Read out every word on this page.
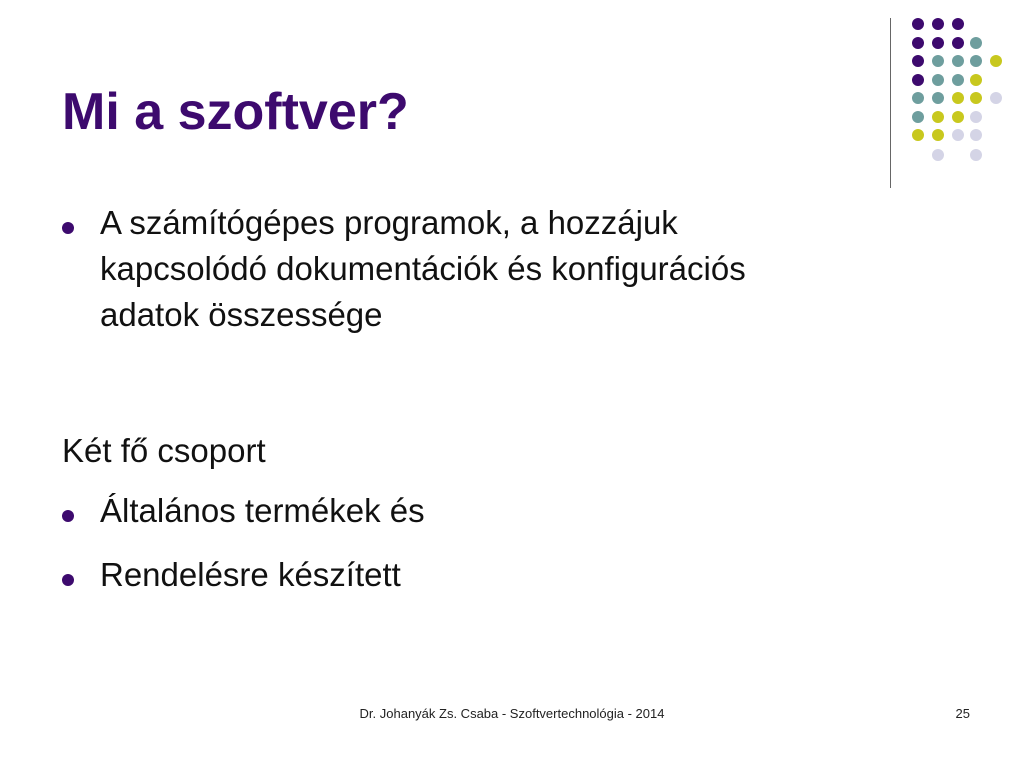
Mi a szoftver?
A számítógépes programok, a hozzájuk
kapcsolódó dokumentációk és konfigurációs
adatok összessége
Két fő csoport
Általános termékek és
Rendelésre készített
Dr. Johanyák Zs. Csaba - Szoftvertechnológia - 2014	25
